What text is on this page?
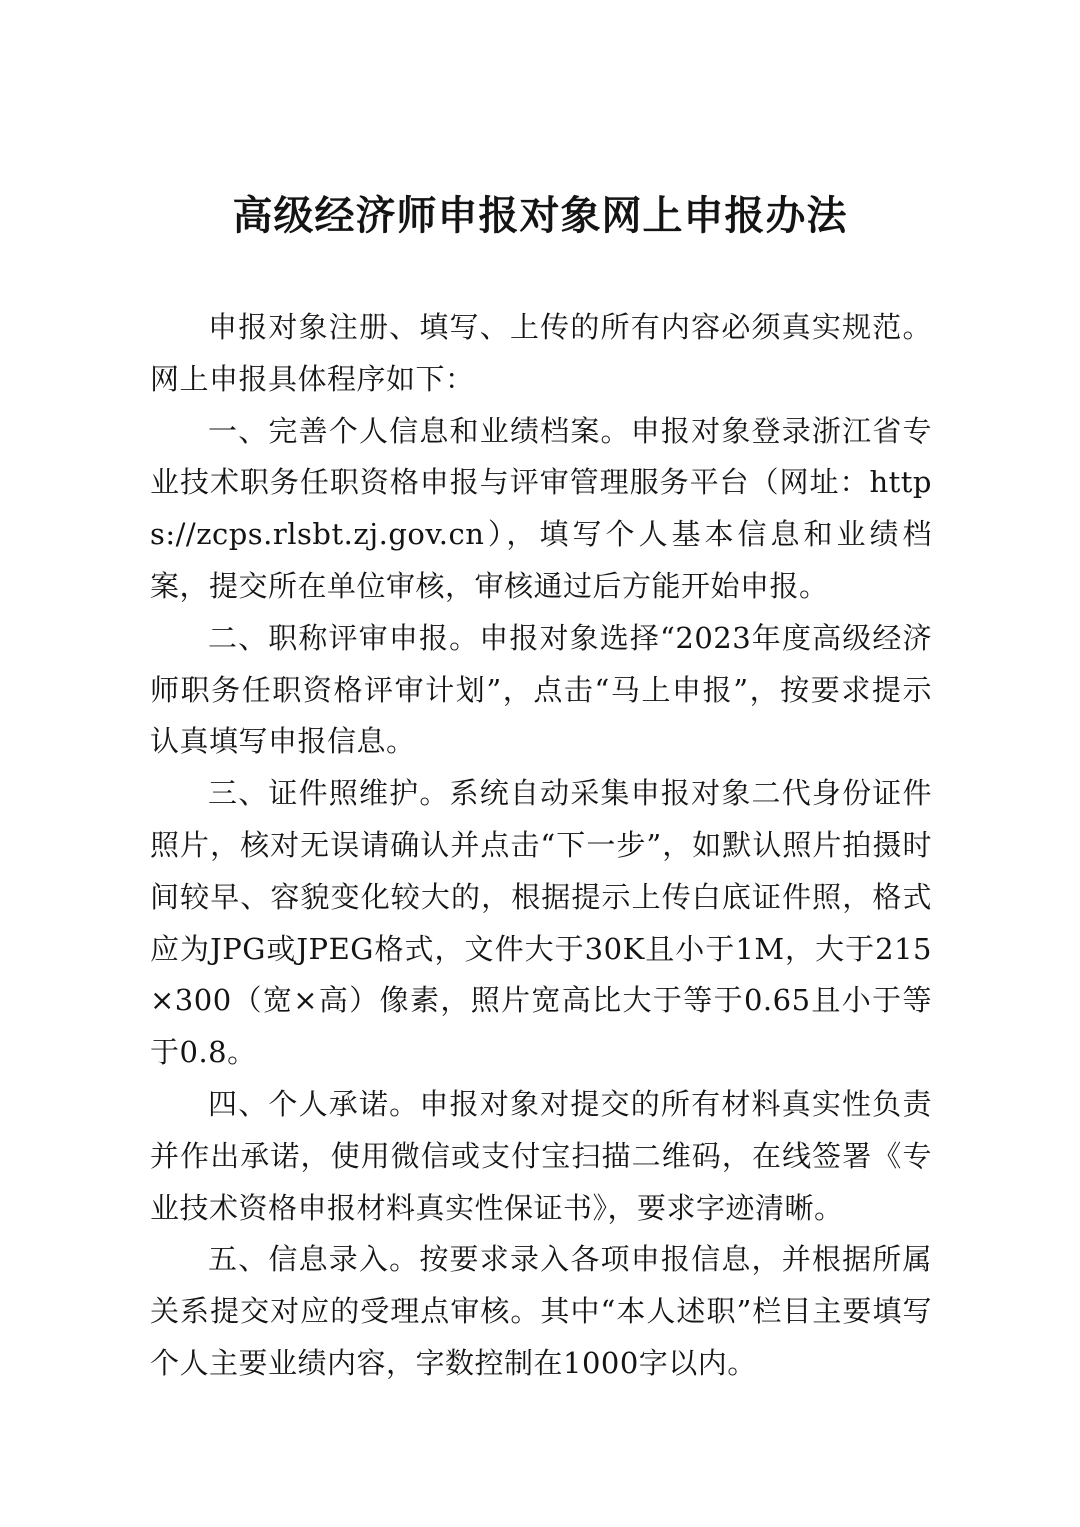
高级经济师申报对象网上申报办法

申报对象注册、填写、上传的所有内容必须真实规范。网上申报具体程序如下：

一、完善个人信息和业绩档案。申报对象登录浙江省专业技术职务任职资格申报与评审管理服务平台（网址：https://zcps.rlsbt.zj.gov.cn），填写个人基本信息和业绩档案，提交所在单位审核，审核通过后方能开始申报。

二、职称评审申报。申报对象选择“2023年度高级经济师职务任职资格评审计划”，点击“马上申报”，按要求提示认真填写申报信息。

三、证件照维护。系统自动采集申报对象二代身份证件照片，核对无误请确认并点击“下一步”，如默认照片拍摄时间较早、容貌变化较大的，根据提示上传白底证件照，格式应为JPG或JPEG格式，文件大于30K且小于1M，大于215×300（宽×高）像素，照片宽高比大于等于0.65且小于等于0.8。

四、个人承诺。申报对象对提交的所有材料真实性负责并作出承诺，使用微信或支付宝扫描二维码，在线签署《专业技术资格申报材料真实性保证书》，要求字迹清晰。

五、信息录入。按要求录入各项申报信息，并根据所属关系提交对应的受理点审核。其中“本人述职”栏目主要填写个人主要业绩内容，字数控制在1000字以内。
